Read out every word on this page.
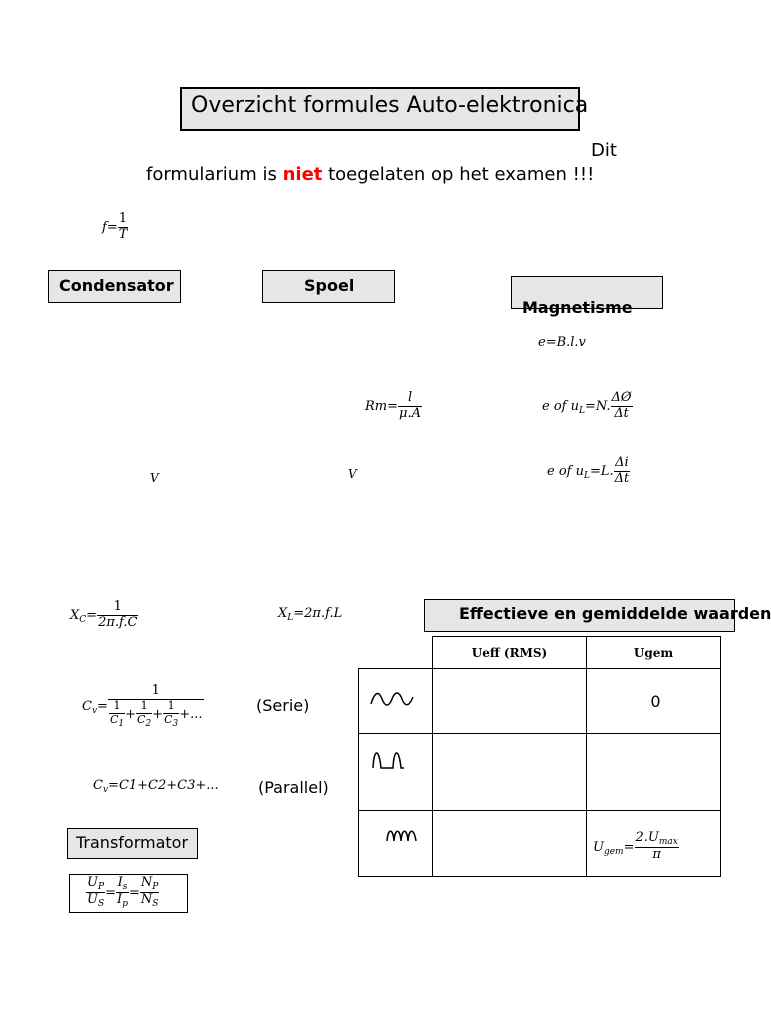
Overzicht formules Auto-elektronica
Dit
formularium is niet toegelaten op het examen !!!
$f= \frac{1}{T}$
Condensator	Spoel
Magnetisme
e=B.l.v
$Rm= \frac{l}{\mu.A}$	e of $u_L=N$. $\frac{\Delta Ø}{\Delta t}$
e of $u_L=L$. $\frac{\Delta i}{\Delta t}$
V	V
$X_C= \frac{1}{2\pi.f.C}$	$X_L=2\pi.f.L$	Effectieve en gemiddelde waarden
$C_v= \frac{1}{\frac{1}{C_1} + \frac{1}{C_2} + \frac{1}{C_3} +...}$	(Serie)
$C_v=C1+C2+C3+$... (Parallel)
Transformator
$\frac{U_P}{U_S} = \frac{I_s}{I_p} = \frac{N_P}{N_S}$
	Ueff (RMS)	Ugem
		0

		$U_{gem}= \frac{2.U_{max}}{\pi}$
